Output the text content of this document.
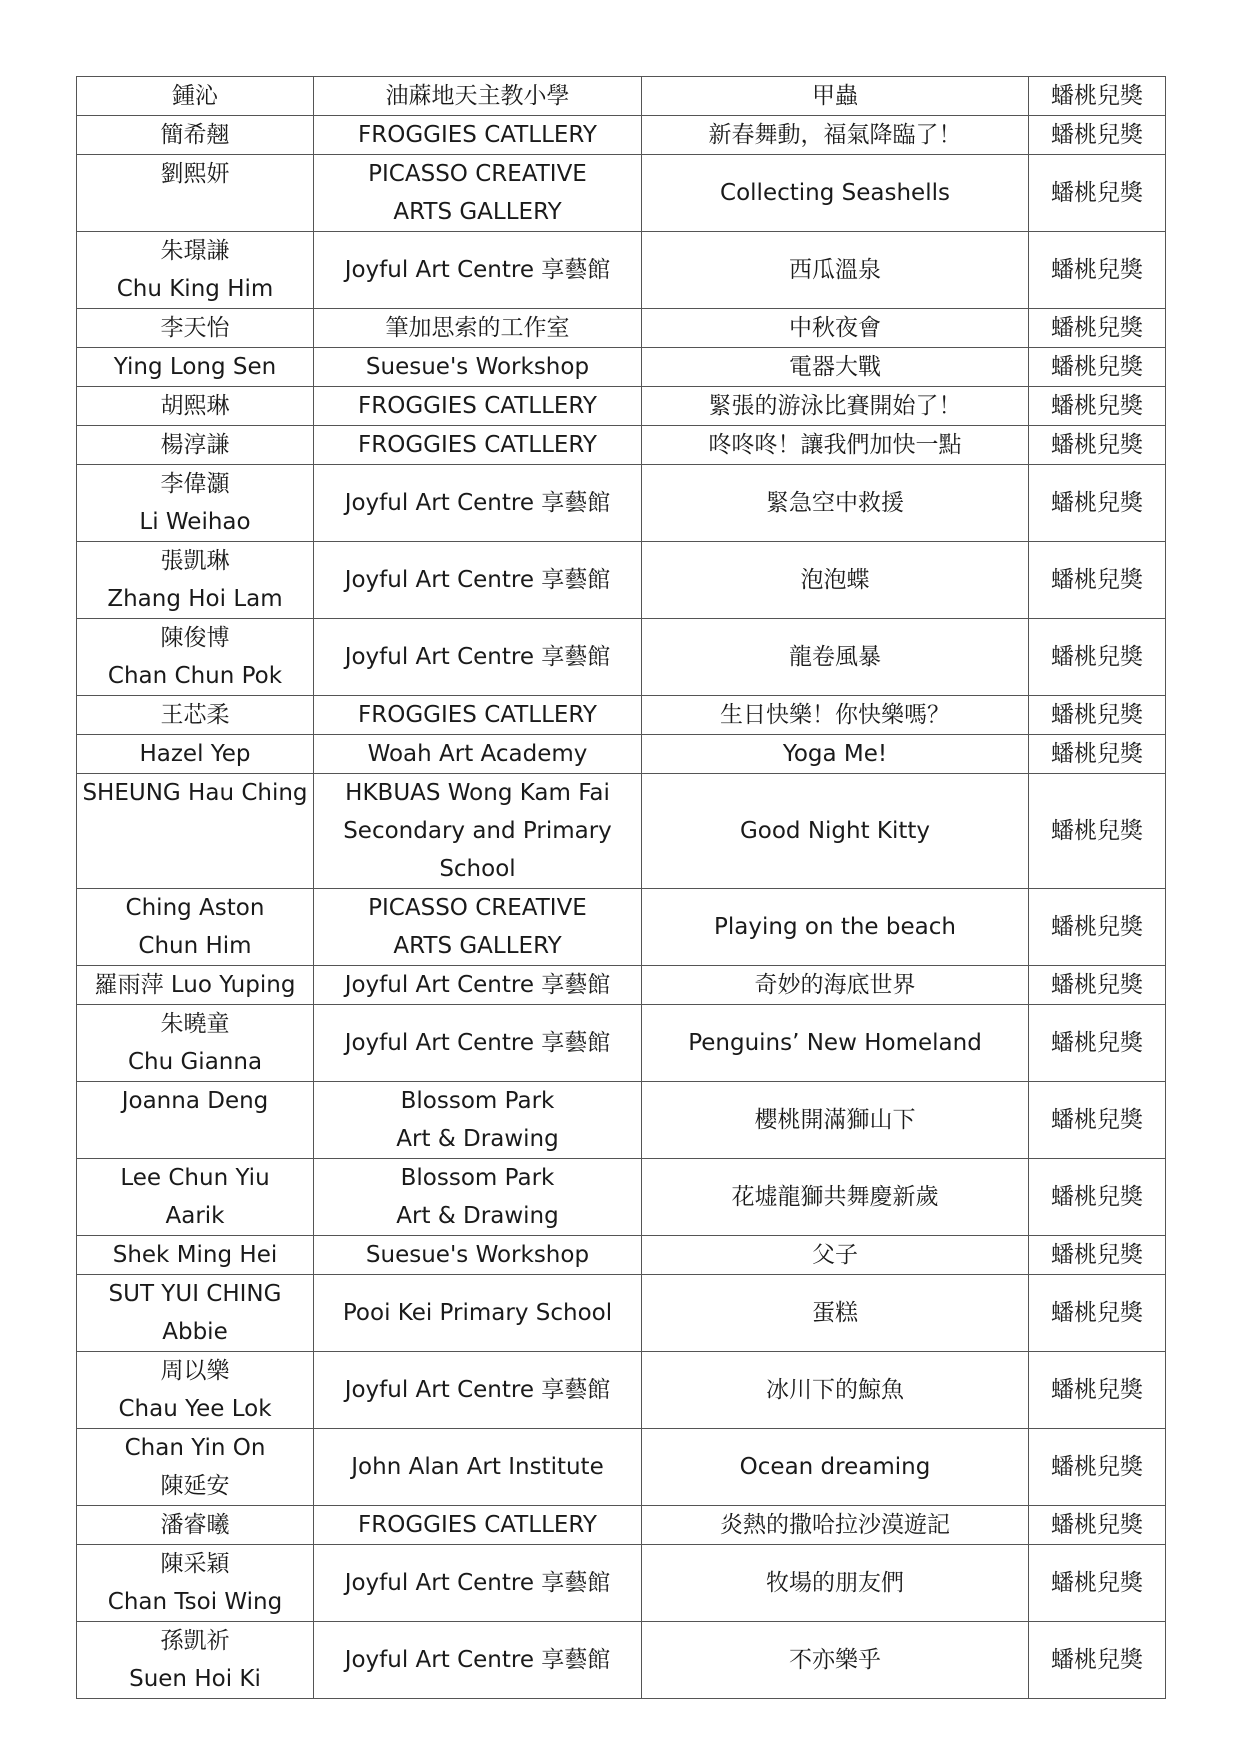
鍾沁	油蔴地天主教小學	甲蟲	蟠桃兒獎

簡希翹	FROGGIES CATLLERY	新春舞動，福氣降臨了！	蟠桃兒獎

劉熙妍	PICASSO CREATIVE
ARTS GALLERY	Collecting Seashells	蟠桃兒獎

朱璟謙
Chu King Him	Joyful Art Centre 享藝館	西瓜溫泉	蟠桃兒獎

李天怡	筆加思索的工作室	中秋夜會	蟠桃兒獎

Ying Long Sen	Suesue's Workshop	電器大戰	蟠桃兒獎

胡熙琳	FROGGIES CATLLERY	緊張的游泳比賽開始了！	蟠桃兒獎

楊淳謙	FROGGIES CATLLERY	咚咚咚！讓我們加快一點	蟠桃兒獎

李偉灝
Li Weihao	Joyful Art Centre 享藝館	緊急空中救援	蟠桃兒獎

張凱琳
Zhang Hoi Lam	Joyful Art Centre 享藝館	泡泡蝶	蟠桃兒獎

陳俊博
Chan Chun Pok	Joyful Art Centre 享藝館	龍卷風暴	蟠桃兒獎

王芯柔	FROGGIES CATLLERY	生日快樂！你快樂嗎？	蟠桃兒獎

Hazel Yep	Woah Art Academy	Yoga Me!	蟠桃兒獎

SHEUNG Hau Ching	HKBUAS Wong Kam Fai
Secondary and Primary
School	Good Night Kitty	蟠桃兒獎

Ching Aston
Chun Him	PICASSO CREATIVE
ARTS GALLERY	Playing on the beach	蟠桃兒獎

羅雨萍 Luo Yuping	Joyful Art Centre 享藝館	奇妙的海底世界	蟠桃兒獎

朱曉童
Chu Gianna	Joyful Art Centre 享藝館	Penguins’ New Homeland	蟠桃兒獎

Joanna Deng	Blossom Park
Art & Drawing	櫻桃開滿獅山下	蟠桃兒獎

Lee Chun Yiu
Aarik	Blossom Park
Art & Drawing	花墟龍獅共舞慶新歲	蟠桃兒獎

Shek Ming Hei	Suesue's Workshop	父子	蟠桃兒獎

SUT YUI CHING
Abbie	Pooi Kei Primary School	蛋糕	蟠桃兒獎

周以樂
Chau Yee Lok	Joyful Art Centre 享藝館	冰川下的鯨魚	蟠桃兒獎

Chan Yin On
陳延安	John Alan Art Institute	Ocean dreaming	蟠桃兒獎

潘睿曦	FROGGIES CATLLERY	炎熱的撒哈拉沙漠遊記	蟠桃兒獎

陳采穎
Chan Tsoi Wing	Joyful Art Centre 享藝館	牧場的朋友們	蟠桃兒獎

孫凱祈
Suen Hoi Ki	Joyful Art Centre 享藝館	不亦樂乎	蟠桃兒獎
